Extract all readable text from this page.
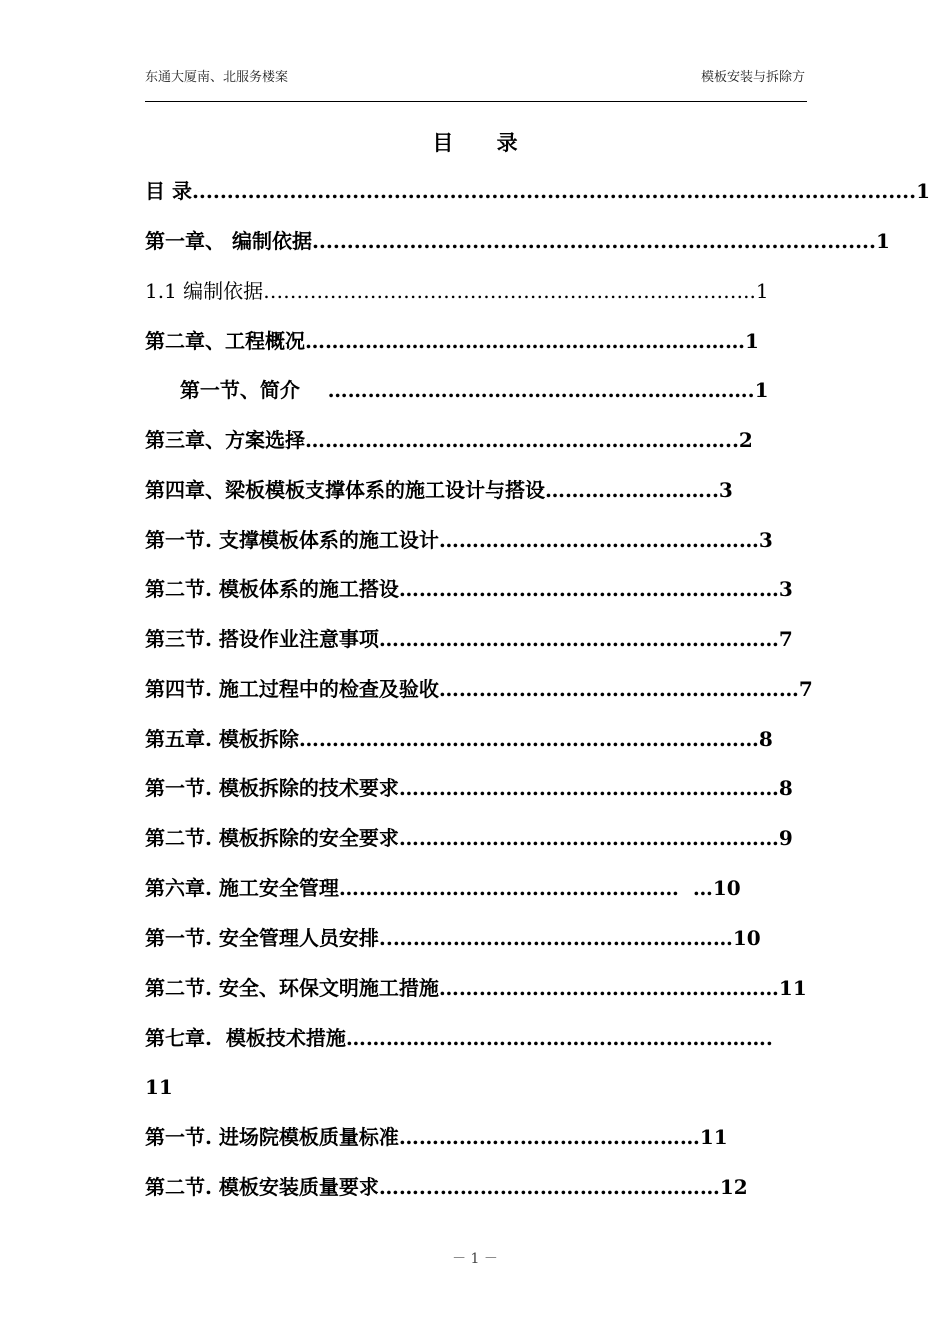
东通大厦南、北服务楼案	模板安装与拆除方
目 录
目 录........................................................................................................1
第一章、 编制依据.................................................................................1
1.1 编制依据………………………………………………………………..1
第二章、工程概况…………………………………………………………1
第一节、简介    ……………………………………………………….1
第三章、方案选择………………………………………………………..2
第四章、梁板模板支撑体系的施工设计与搭设……………………..3
第一节. 支撑模板体系的施工设计…………………………………………3
第二节. 模板体系的施工搭设…………………………………………………3
第三节. 搭设作业注意事项……………………………………………………7
第四节. 施工过程中的检查及验收………………………………………………7
第五章. 模板拆除……………………………………………………………8
第一节. 模板拆除的技术要求…………………………………………………8
第二节. 模板拆除的安全要求…………………………………………………9
第六章. 施工安全管理……………………………………………  …10
第一节. 安全管理人员安排..……………………………………………10
第二节. 安全、环保文明施工措施……………………………………………11
第七章.  模板技术措施……………………………………………………….
11
第一节. 进场院模板质量标准……………...………………………11
第二节. 模板安装质量要求……...……………………………………12
－ 1 －
